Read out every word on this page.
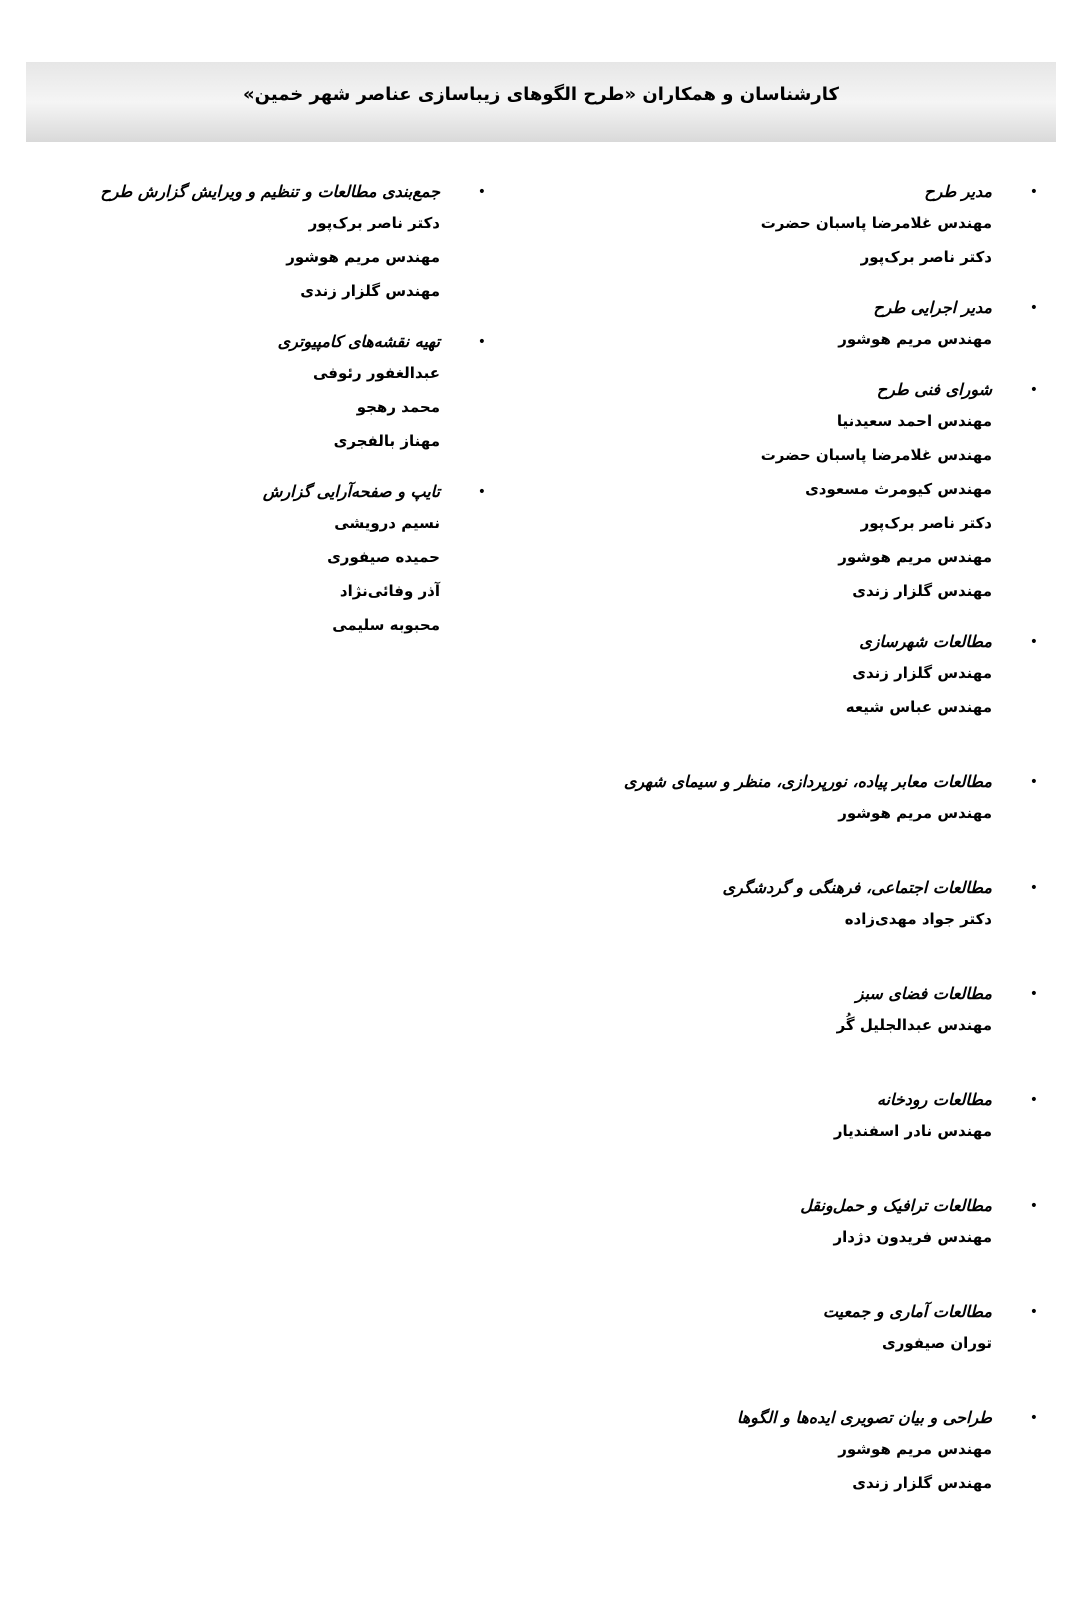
کارشناسان و همکاران «طرح الگوهای زیباسازی عناصر شهر خمین»
•
مدیر طرح
مهندس غلامرضا پاسبان حضرت
دکتر ناصر برک‌پور
•
مدیر اجرایی طرح
مهندس مریم هوشور
•
شورای فنی طرح
مهندس احمد سعیدنیا
مهندس غلامرضا پاسبان حضرت
مهندس کیومرث مسعودی
دکتر ناصر برک‌پور
مهندس مریم هوشور
مهندس گلزار زندی
•
مطالعات شهرسازی
مهندس گلزار زندی
مهندس عباس شیعه
•
مطالعات معابر پیاده، نورپردازی، منظر و سیمای شهری
مهندس مریم هوشور
•
مطالعات اجتماعی، فرهنگی و گردشگری
دکتر جواد مهدی‌زاده
•
مطالعات فضای سبز
مهندس عبدالجلیل گُر
•
مطالعات رودخانه
مهندس نادر اسفندیار
•
مطالعات ترافیک و حمل‌ونقل
مهندس فریدون دژدار
•
مطالعات آماری و جمعیت
توران صیفوری
•
طراحی و بیان تصویری ایده‌ها و الگوها
مهندس مریم هوشور
مهندس گلزار زندی
•
جمع‌بندی مطالعات و تنظیم و ویرایش گزارش طرح
دکتر ناصر برک‌پور
مهندس مریم هوشور
مهندس گلزار زندی
•
تهیه نقشه‌های کامپیوتری
عبدالغفور رئوفی
محمد رهجو
مهناز بالفجری
•
تایپ و صفحه‌آرایی گزارش
نسیم درویشی
حمیده صیفوری
آذر وفائی‌نژاد
محبوبه سلیمی
